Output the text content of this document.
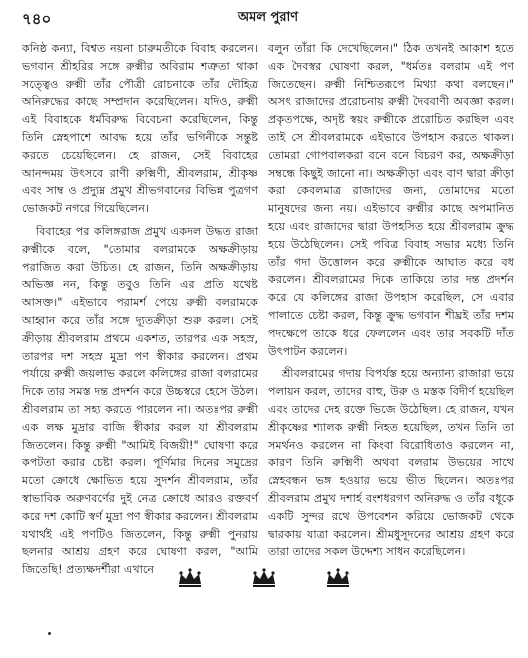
৭৪০	অমল পুরাণ

কনিষ্ঠ কন্যা, বিশ্বত নয়না চারুমতীকে বিবাহ করলেন। ভগবান শ্রীহরির সঙ্গে রুক্মীর অবিরাম শত্রুতা থাকা সত্ত্বেও রুক্মী তাঁর পৌত্রী রোচনাকে তাঁর দৌহিত্র অনিরুদ্ধের কাছে সম্প্রদান করেছিলেন। যদিও, রুক্মী এই বিবাহকে ধর্মবিরুদ্ধ বিবেচনা করেছিলেন, কিন্তু তিনি স্নেহপাশে আবদ্ধ হয়ে তাঁর ভগিনীকে সন্তুষ্ট করতে চেয়েছিলেন। হে রাজন, সেই বিবাহের আনন্দময় উৎসবে রাণী রুক্মিণী, শ্রীবলরাম, শ্রীকৃষ্ণ এবং সাম্ব ও প্রদ্যুম্ন প্রমুখ শ্রীভগবানের বিভিন্ন পুত্রগণ ভোজকট নগরে গিয়েছিলেন।

বিবাহের পর কলিঙ্গরাজ প্রমুখ একদল উদ্ধত রাজা রুক্মীকে বলে, "তোমার বলরামকে অক্ষক্রীড়ায় পরাজিত করা উচিত। হে রাজন, তিনি অক্ষক্রীড়ায় অভিজ্ঞ নন, কিন্তু তবুও তিনি এর প্রতি যথেষ্ট আসক্ত।" এইভাবে পরামর্শ পেয়ে রুক্মী বলরামকে আহ্বান করে তাঁর সঙ্গে দ্যূতক্রীড়া শুরু করল। সেই ক্রীড়ায় শ্রীবলরাম প্রথমে একশত, তারপর এক সহস্র, তারপর দশ সহস্র মুদ্রা পণ স্বীকার করলেন। প্রথম পর্যায়ে রুক্মী জয়লাভ করলে কলিঙ্গের রাজা বলরামের দিকে তার সমস্ত দন্ত প্রদর্শন করে উচ্চস্বরে হেসে উঠল। শ্রীবলরাম তা সহ্য করতে পারলেন না। অতঃপর রুক্মী এক লক্ষ মুদ্রার বাজি স্বীকার করল যা শ্রীবলরাম জিতলেন। কিন্তু রুক্মী "আমিই বিজয়ী!" ঘোষণা করে কপটতা করার চেষ্টা করল। পূর্ণিমার দিনের সমুদ্রের মতো ক্রোধে ক্ষোভিত হয়ে সুদর্শন শ্রীবলরাম, তাঁর স্বাভাবিক অরুণবর্ণের দুই নেত্র ক্রোধে আরও রক্তবর্ণ করে দশ কোটি স্বর্ণ মুদ্রা পণ স্বীকার করলেন। শ্রীবলরাম যথার্থই এই পণটিও জিতলেন, কিন্তু রুক্মী পুনরায় ছলনার আশ্রয় গ্রহণ করে ঘোষণা করল, "আমি জিতেছি! প্রত্যক্ষদর্শীরা এখানে

বলুন তাঁরা কি দেখেছিলেন।" ঠিক তখনই আকাশ হতে এক দৈবস্বর ঘোষণা করল, "ধর্মতঃ বলরাম এই পণ জিতেছেন। রুক্মী নিশ্চিতরূপে মিথ্যা কথা বলছেন।" অসৎ রাজাদের প্ররোচনায় রুক্মী দৈববাণী অবজ্ঞা করল। প্রকৃতপক্ষে, অদৃষ্ট স্বয়ং রুক্মীকে প্ররোচিত করছিল এবং তাই সে শ্রীবলরামকে এইভাবে উপহাস করতে থাকল। তোমরা গোপবালকরা বনে বনে বিচরণ কর, অক্ষক্রীড়া সম্বন্ধে কিছুই জানো না। অক্ষক্রীড়া এবং বাণ দ্বারা ক্রীড়া করা কেবলমাত্র রাজাদের জন্য, তোমাদের মতো মানুষদের জন্য নয়। এইভাবে রুক্মীর কাছে অপমানিত হয়ে এবং রাজাদের দ্বারা উপহসিত হয়ে শ্রীবলরাম ক্রুদ্ধ হয়ে উঠেছিলেন। সেই পবিত্র বিবাহ সভার মধ্যে তিনি তাঁর গদা উত্তোলন করে রুক্মীকে আঘাত করে বধ করলেন। শ্রীবলরামের দিকে তাকিয়ে তার দন্ত প্রদর্শন করে যে কলিঙ্গের রাজা উপহাস করেছিল, সে এবার পালাতে চেষ্টা করল, কিন্তু ক্রুদ্ধ ভগবান শীঘ্রই তাঁর দশম পদক্ষেপে তাকে ধরে ফেললেন এবং তার সবকটি দাঁত উৎপাটন করলেন।

শ্রীবলরামের গদায় বিপর্যস্ত হয়ে অন্যান্য রাজারা ভয়ে পলায়ন করল, তাদের বাহু, উরু ও মস্তক বিদীর্ণ হয়েছিল এবং তাদের দেহ রক্তে ভিজে উঠেছিল। হে রাজন, যখন শ্রীকৃষ্ণের শ্যালক রুক্মী নিহত হয়েছিল, তখন তিনি তা সমর্থনও করলেন না কিংবা বিরোধিতাও করলেন না, কারণ তিনি রুক্মিণী অথবা বলরাম উভয়ের সাথে স্নেহবন্ধন ভঙ্গ হওয়ার ভয়ে ভীত ছিলেন। অতঃপর শ্রীবলরাম প্রমুখ দশার্হ বংশধরগণ অনিরুদ্ধ ও তাঁর বধূকে একটি সুন্দর রথে উপবেশন করিয়ে ভোজকট থেকে দ্বারকায় যাত্রা করলেন। শ্রীমধুসূদনের আশ্রয় গ্রহণ করে তারা তাদের সকল উদ্দেশ্য সাধন করেছিলেন।
